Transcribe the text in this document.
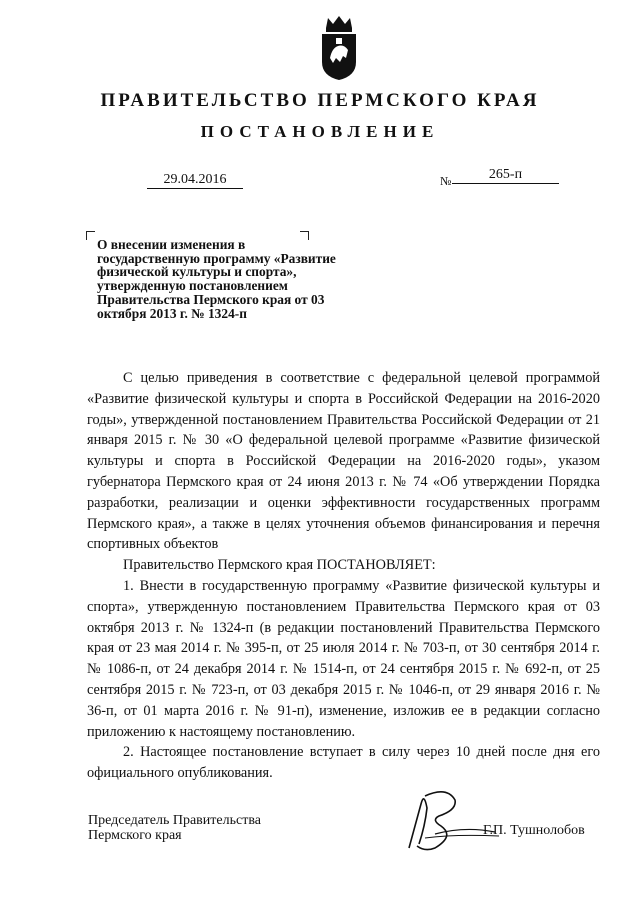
ПРАВИТЕЛЬСТВО ПЕРМСКОГО КРАЯ
ПОСТАНОВЛЕНИЕ
29.04.2016	№	265-п
О внесении изменения в государственную программу «Развитие физической культуры и спорта», утвержденную постановлением Правительства Пермского края от 03 октября 2013 г. № 1324-п

С целью приведения в соответствие с федеральной целевой программой «Развитие физической культуры и спорта в Российской Федерации на 2016-2020 годы», утвержденной постановлением Правительства Российской Федерации от 21 января 2015 г. № 30 «О федеральной целевой программе «Развитие физической культуры и спорта в Российской Федерации на 2016-2020 годы», указом губернатора Пермского края от 24 июня 2013 г. № 74 «Об утверждении Порядка разработки, реализации и оценки эффективности государственных программ Пермского края», а также в целях уточнения объемов финансирования и перечня спортивных объектов

Правительство Пермского края ПОСТАНОВЛЯЕТ:

1. Внести в государственную программу «Развитие физической культуры и спорта», утвержденную постановлением Правительства Пермского края от 03 октября 2013 г. № 1324-п (в редакции постановлений Правительства Пермского края от 23 мая 2014 г. № 395-п, от 25 июля 2014 г. № 703-п, от 30 сентября 2014 г. № 1086-п, от 24 декабря 2014 г. № 1514-п, от 24 сентября 2015 г. № 692-п, от 25 сентября 2015 г. № 723-п, от 03 декабря 2015 г. № 1046-п, от 29 января 2016 г. № 36-п, от 01 марта 2016 г. № 91-п), изменение, изложив ее в редакции согласно приложению к настоящему постановлению.

2. Настоящее постановление вступает в силу через 10 дней после дня его официального опубликования.

Председатель Правительства
Пермского края	Г.П. Тушнолобов
